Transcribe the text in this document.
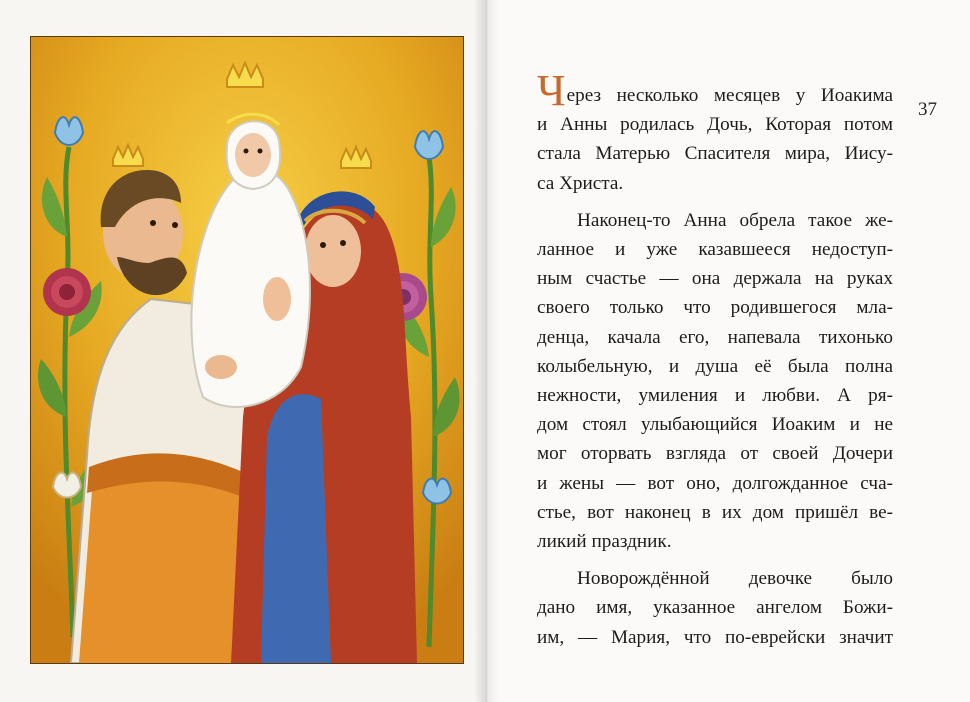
37

Через несколько месяцев у Иоакима
и Анны родилась Дочь, Которая потом
стала Матерью Спасителя мира, Иису-
са Христа.

Наконец-то Анна обрела такое же-
ланное и уже казавшееся недоступ-
ным счастье — она держала на руках
своего только что родившегося мла-
денца, качала его, напевала тихонько
колыбельную, и душа её была полна
нежности, умиления и любви. А ря-
дом стоял улыбающийся Иоаким и не
мог оторвать взгляда от своей Дочери
и жены — вот оно, долгожданное сча-
стье, вот наконец в их дом пришёл ве-
ликий праздник.

Новорождённой девочке было
дано имя, указанное ангелом Божи-
им, — Мария, что по-еврейски значит
